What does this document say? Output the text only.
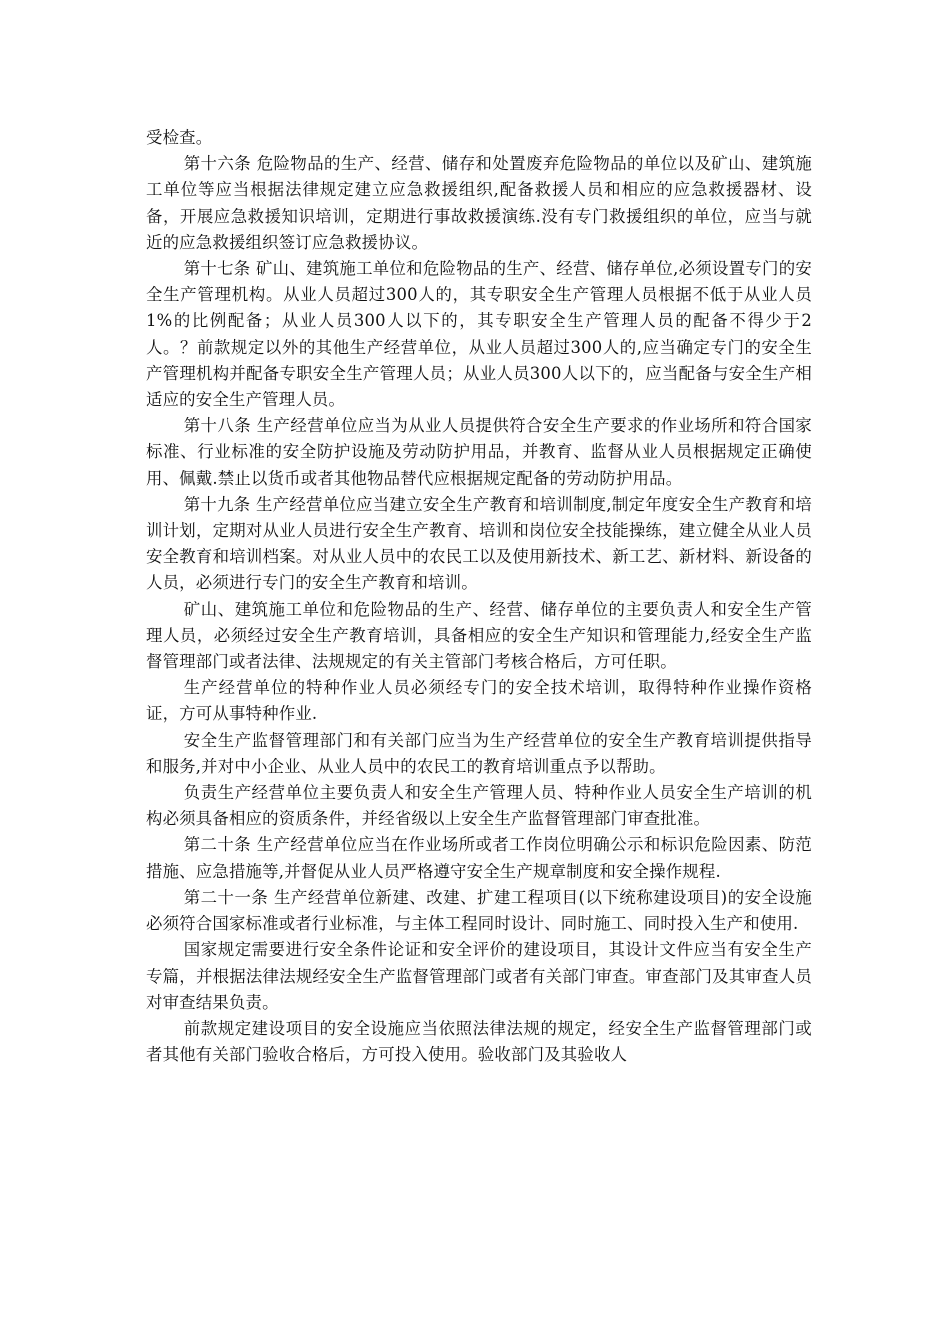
受检查。

第十六条 危险物品的生产、经营、储存和处置废弃危险物品的单位以及矿山、建筑施工单位等应当根据法律规定建立应急救援组织,配备救援人员和相应的应急救援器材、设备，开展应急救援知识培训，定期进行事故救援演练.没有专门救援组织的单位，应当与就近的应急救援组织签订应急救援协议。

第十七条 矿山、建筑施工单位和危险物品的生产、经营、储存单位,必须设置专门的安全生产管理机构。从业人员超过300人的，其专职安全生产管理人员根据不低于从业人员1%的比例配备；从业人员300人以下的，其专职安全生产管理人员的配备不得少于2人。？前款规定以外的其他生产经营单位，从业人员超过300人的,应当确定专门的安全生产管理机构并配备专职安全生产管理人员；从业人员300人以下的，应当配备与安全生产相适应的安全生产管理人员。

第十八条 生产经营单位应当为从业人员提供符合安全生产要求的作业场所和符合国家标准、行业标准的安全防护设施及劳动防护用品，并教育、监督从业人员根据规定正确使用、佩戴.禁止以货币或者其他物品替代应根据规定配备的劳动防护用品。

第十九条 生产经营单位应当建立安全生产教育和培训制度,制定年度安全生产教育和培训计划，定期对从业人员进行安全生产教育、培训和岗位安全技能操练，建立健全从业人员安全教育和培训档案。对从业人员中的农民工以及使用新技术、新工艺、新材料、新设备的人员，必须进行专门的安全生产教育和培训。

矿山、建筑施工单位和危险物品的生产、经营、储存单位的主要负责人和安全生产管理人员，必须经过安全生产教育培训，具备相应的安全生产知识和管理能力,经安全生产监督管理部门或者法律、法规规定的有关主管部门考核合格后，方可任职。

生产经营单位的特种作业人员必须经专门的安全技术培训，取得特种作业操作资格证，方可从事特种作业.

安全生产监督管理部门和有关部门应当为生产经营单位的安全生产教育培训提供指导和服务,并对中小企业、从业人员中的农民工的教育培训重点予以帮助。

负责生产经营单位主要负责人和安全生产管理人员、特种作业人员安全生产培训的机构必须具备相应的资质条件，并经省级以上安全生产监督管理部门审查批准。

第二十条 生产经营单位应当在作业场所或者工作岗位明确公示和标识危险因素、防范措施、应急措施等,并督促从业人员严格遵守安全生产规章制度和安全操作规程.

第二十一条 生产经营单位新建、改建、扩建工程项目(以下统称建设项目)的安全设施必须符合国家标准或者行业标准，与主体工程同时设计、同时施工、同时投入生产和使用.

国家规定需要进行安全条件论证和安全评价的建设项目，其设计文件应当有安全生产专篇，并根据法律法规经安全生产监督管理部门或者有关部门审查。审查部门及其审查人员对审查结果负责。

前款规定建设项目的安全设施应当依照法律法规的规定，经安全生产监督管理部门或者其他有关部门验收合格后，方可投入使用。验收部门及其验收人
